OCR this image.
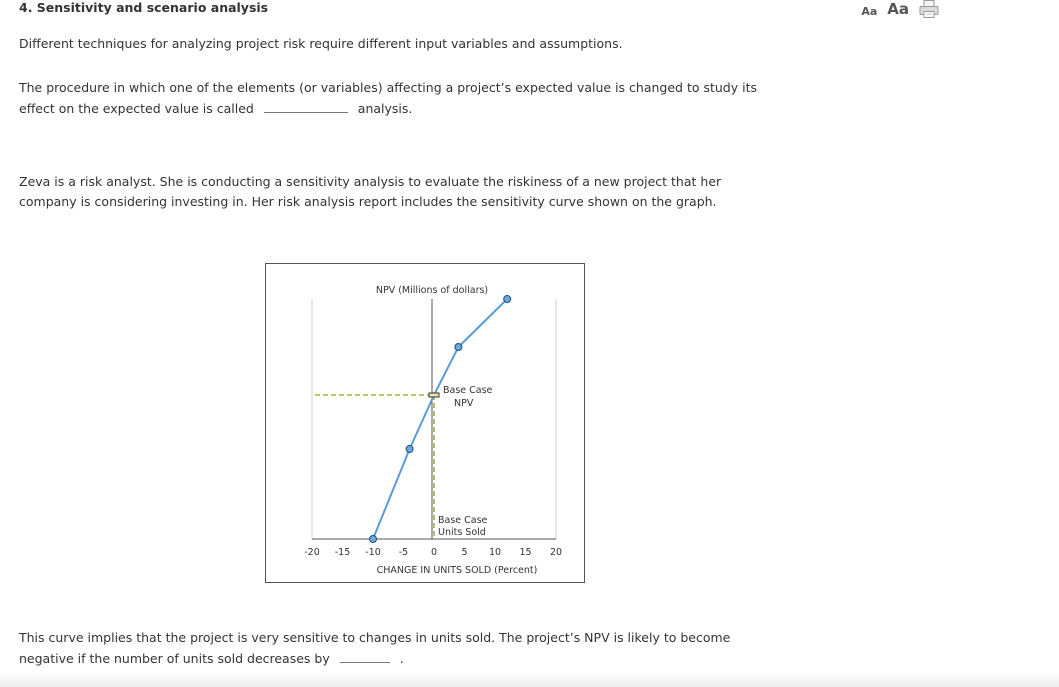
4. Sensitivity and scenario analysis	Aa Aa
Different techniques for analyzing project risk require different input variables and assumptions.
The procedure in which one of the elements (or variables) affecting a project’s expected value is changed to study its
effect on the expected value is called	analysis.
Zeva is a risk analyst. She is conducting a sensitivity analysis to evaluate the riskiness of a new project that her
company is considering investing in. Her risk analysis report includes the sensitivity curve shown on the graph.
NPV (Millions of dollars)
CHANGE IN UNITS SOLD (Percent)
Base Case
NPV
Base Case
Units Sold
-20 -15 -10 -5 0	5 10 15 20
This curve implies that the project is very sensitive to changes in units sold. The project’s NPV is likely to become
negative if the number of units sold decreases by	.
